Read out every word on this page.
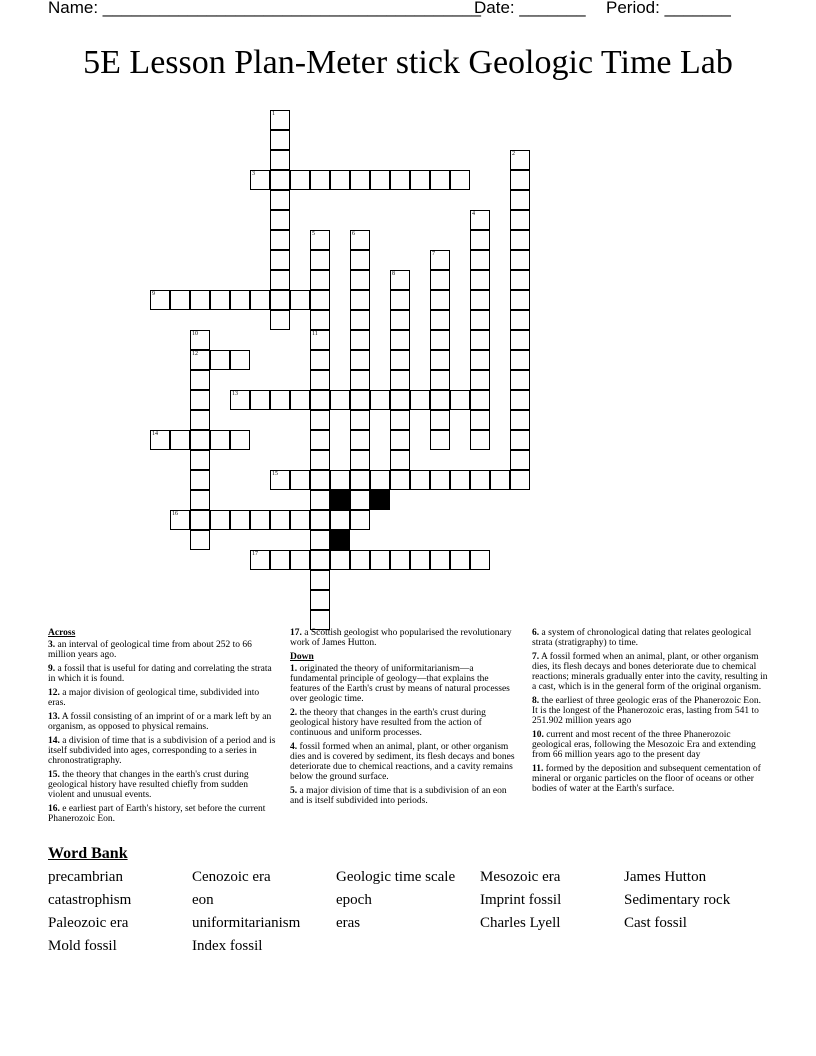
Name: ________________________________________
Date: _______ Period: _______
5E Lesson Plan-Meter stick Geologic Time Lab
3
9
12
13
14
15
16
17
1
2
4
5
11
6
7
8
10
Across
3. an interval of geological time from about 252 to 66 million years ago.
9. a fossil that is useful for dating and correlating the strata in which it is found.
12. a major division of geological time, subdivided into eras.
13. A fossil consisting of an imprint of or a mark left by an organism, as opposed to physical remains.
14. a division of time that is a subdivision of a period and is itself subdivided into ages, corresponding to a series in chronostratigraphy.
15. the theory that changes in the earth's crust during geological history have resulted chiefly from sudden violent and unusual events.
16. e earliest part of Earth's history, set before the current Phanerozoic Eon.
17. a Scottish geologist who popularised the revolutionary work of James Hutton.
Down
1. originated the theory of uniformitarianism—a fundamental principle of geology—that explains the features of the Earth's crust by means of natural processes over geologic time.
2. the theory that changes in the earth's crust during geological history have resulted from the action of continuous and uniform processes.
4. fossil formed when an animal, plant, or other organism dies and is covered by sediment, its flesh decays and bones deteriorate due to chemical reactions, and a cavity remains below the ground surface.
5. a major division of time that is a subdivision of an eon and is itself subdivided into periods.
6. a system of chronological dating that relates geological strata (stratigraphy) to time.
7. A fossil formed when an animal, plant, or other organism dies, its flesh decays and bones deteriorate due to chemical reactions; minerals gradually enter into the cavity, resulting in a cast, which is in the general form of the original organism.
8. the earliest of three geologic eras of the Phanerozoic Eon. It is the longest of the Phanerozoic eras, lasting from 541 to 251.902 million years ago
10. current and most recent of the three Phanerozoic geological eras, following the Mesozoic Era and extending from 66 million years ago to the present day
11. formed by the deposition and subsequent cementation of mineral or organic particles on the floor of oceans or other bodies of water at the Earth's surface.
Word Bank
precambrian	Cenozoic era	Geologic time scale	Mesozoic era	James Hutton
catastrophism	eon	epoch	Imprint fossil	Sedimentary rock
Paleozoic era	uniformitarianism	eras	Charles Lyell	Cast fossil
Mold fossil	Index fossil
